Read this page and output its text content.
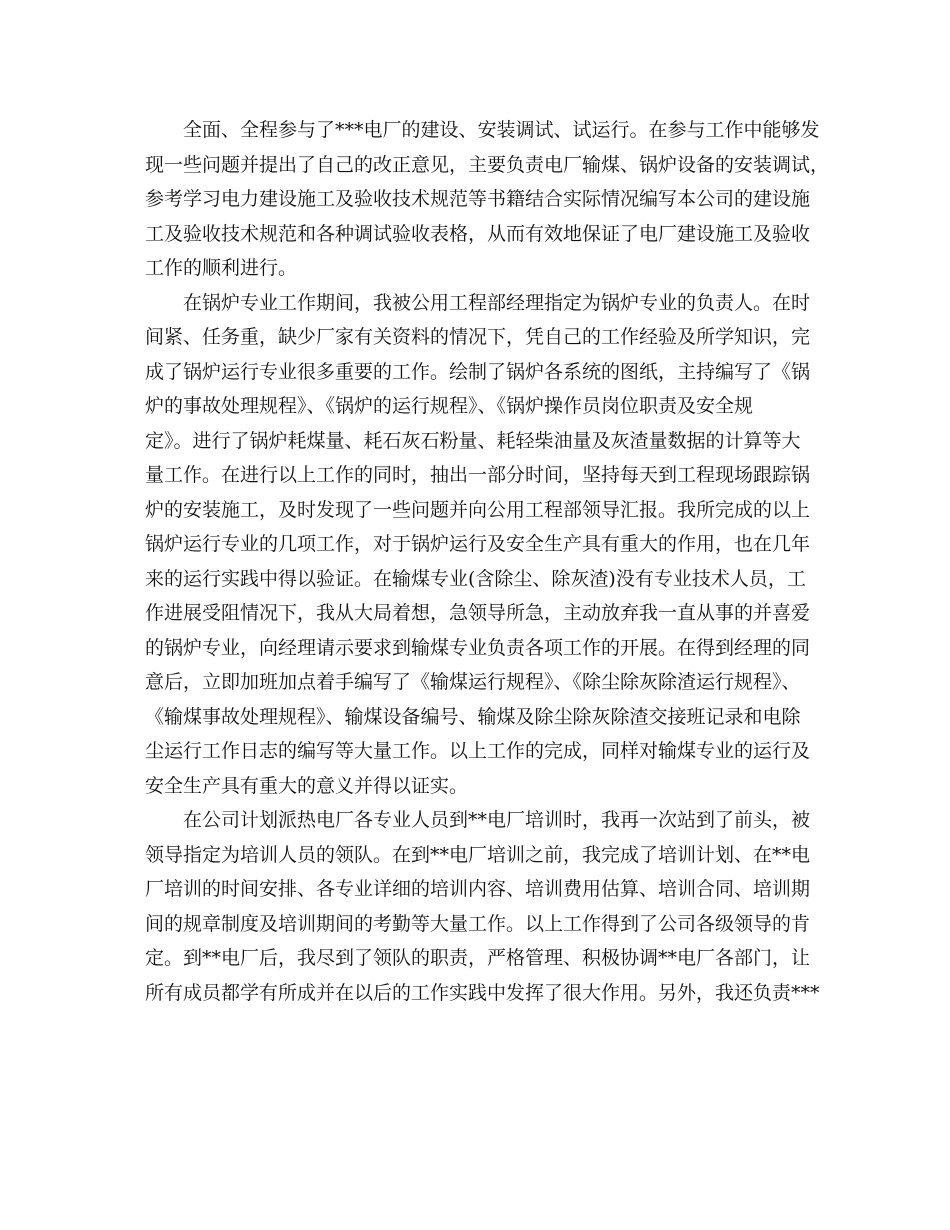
全面、全程参与了***电厂的建设、安装调试、试运行。在参与工作中能够发
现一些问题并提出了自己的改正意见，主要负责电厂输煤、锅炉设备的安装调试，
参考学习电力建设施工及验收技术规范等书籍结合实际情况编写本公司的建设施
工及验收技术规范和各种调试验收表格，从而有效地保证了电厂建设施工及验收
工作的顺利进行。
在锅炉专业工作期间，我被公用工程部经理指定为锅炉专业的负责人。在时
间紧、任务重，缺少厂家有关资料的情况下，凭自己的工作经验及所学知识，完
成了锅炉运行专业很多重要的工作。绘制了锅炉各系统的图纸，主持编写了《锅
炉的事故处理规程》、《锅炉的运行规程》、《锅炉操作员岗位职责及安全规
定》。进行了锅炉耗煤量、耗石灰石粉量、耗轻柴油量及灰渣量数据的计算等大
量工作。在进行以上工作的同时，抽出一部分时间，坚持每天到工程现场跟踪锅
炉的安装施工，及时发现了一些问题并向公用工程部领导汇报。我所完成的以上
锅炉运行专业的几项工作，对于锅炉运行及安全生产具有重大的作用，也在几年
来的运行实践中得以验证。在输煤专业(含除尘、除灰渣)没有专业技术人员，工
作进展受阻情况下，我从大局着想，急领导所急，主动放弃我一直从事的并喜爱
的锅炉专业，向经理请示要求到输煤专业负责各项工作的开展。在得到经理的同
意后，立即加班加点着手编写了《输煤运行规程》、《除尘除灰除渣运行规程》、
《输煤事故处理规程》、输煤设备编号、输煤及除尘除灰除渣交接班记录和电除
尘运行工作日志的编写等大量工作。以上工作的完成，同样对输煤专业的运行及
安全生产具有重大的意义并得以证实。
在公司计划派热电厂各专业人员到**电厂培训时，我再一次站到了前头，被
领导指定为培训人员的领队。在到**电厂培训之前，我完成了培训计划、在**电
厂培训的时间安排、各专业详细的培训内容、培训费用估算、培训合同、培训期
间的规章制度及培训期间的考勤等大量工作。以上工作得到了公司各级领导的肯
定。到**电厂后，我尽到了领队的职责，严格管理、积极协调**电厂各部门，让
所有成员都学有所成并在以后的工作实践中发挥了很大作用。另外，我还负责***
